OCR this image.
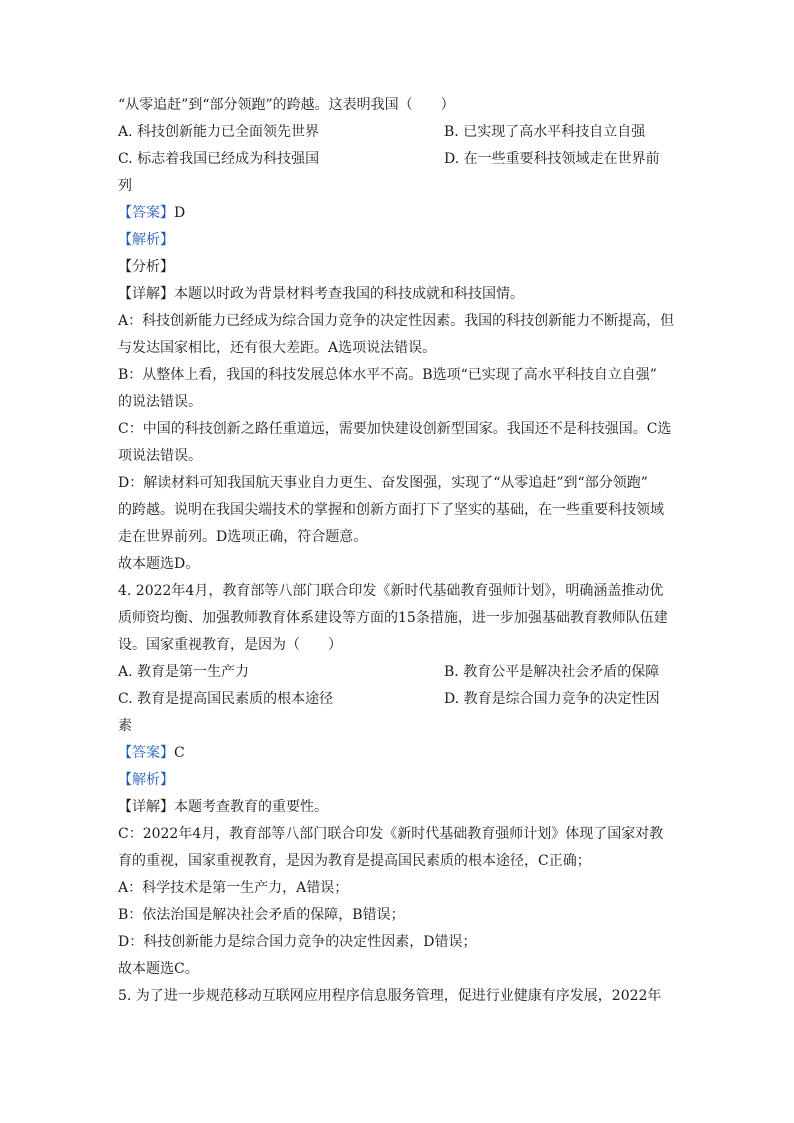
“从零追赶”到“部分领跑”的跨越。这表明我国（　　）
A. 科技创新能力已全面领先世界	B. 已实现了高水平科技自立自强
C. 标志着我国已经成为科技强国	D. 在一些重要科技领域走在世界前
列
【答案】D
【解析】
【分析】
【详解】本题以时政为背景材料考查我国的科技成就和科技国情。
A：科技创新能力已经成为综合国力竞争的决定性因素。我国的科技创新能力不断提高，但
与发达国家相比，还有很大差距。A选项说法错误。
B：从整体上看，我国的科技发展总体水平不高。B选项“已实现了高水平科技自立自强”
的说法错误。
C：中国的科技创新之路任重道远，需要加快建设创新型国家。我国还不是科技强国。C选
项说法错误。
D：解读材料可知我国航天事业自力更生、奋发图强，实现了“从零追赶”到“部分领跑”
的跨越。说明在我国尖端技术的掌握和创新方面打下了坚实的基础，在一些重要科技领域
走在世界前列。D选项正确，符合题意。
故本题选D。
4. 2022年4月，教育部等八部门联合印发《新时代基础教育强师计划》，明确涵盖推动优
质师资均衡、加强教师教育体系建设等方面的15条措施，进一步加强基础教育教师队伍建
设。国家重视教育，是因为（　　）
A. 教育是第一生产力	B. 教育公平是解决社会矛盾的保障
C. 教育是提高国民素质的根本途径	D. 教育是综合国力竞争的决定性因
素
【答案】C
【解析】
【详解】本题考查教育的重要性。
C：2022年4月，教育部等八部门联合印发《新时代基础教育强师计划》体现了国家对教
育的重视，国家重视教育，是因为教育是提高国民素质的根本途径，C正确；
A：科学技术是第一生产力，A错误；
B：依法治国是解决社会矛盾的保障，B错误；
D：科技创新能力是综合国力竞争的决定性因素，D错误；
故本题选C。
5. 为了进一步规范移动互联网应用程序信息服务管理，促进行业健康有序发展，2022年
